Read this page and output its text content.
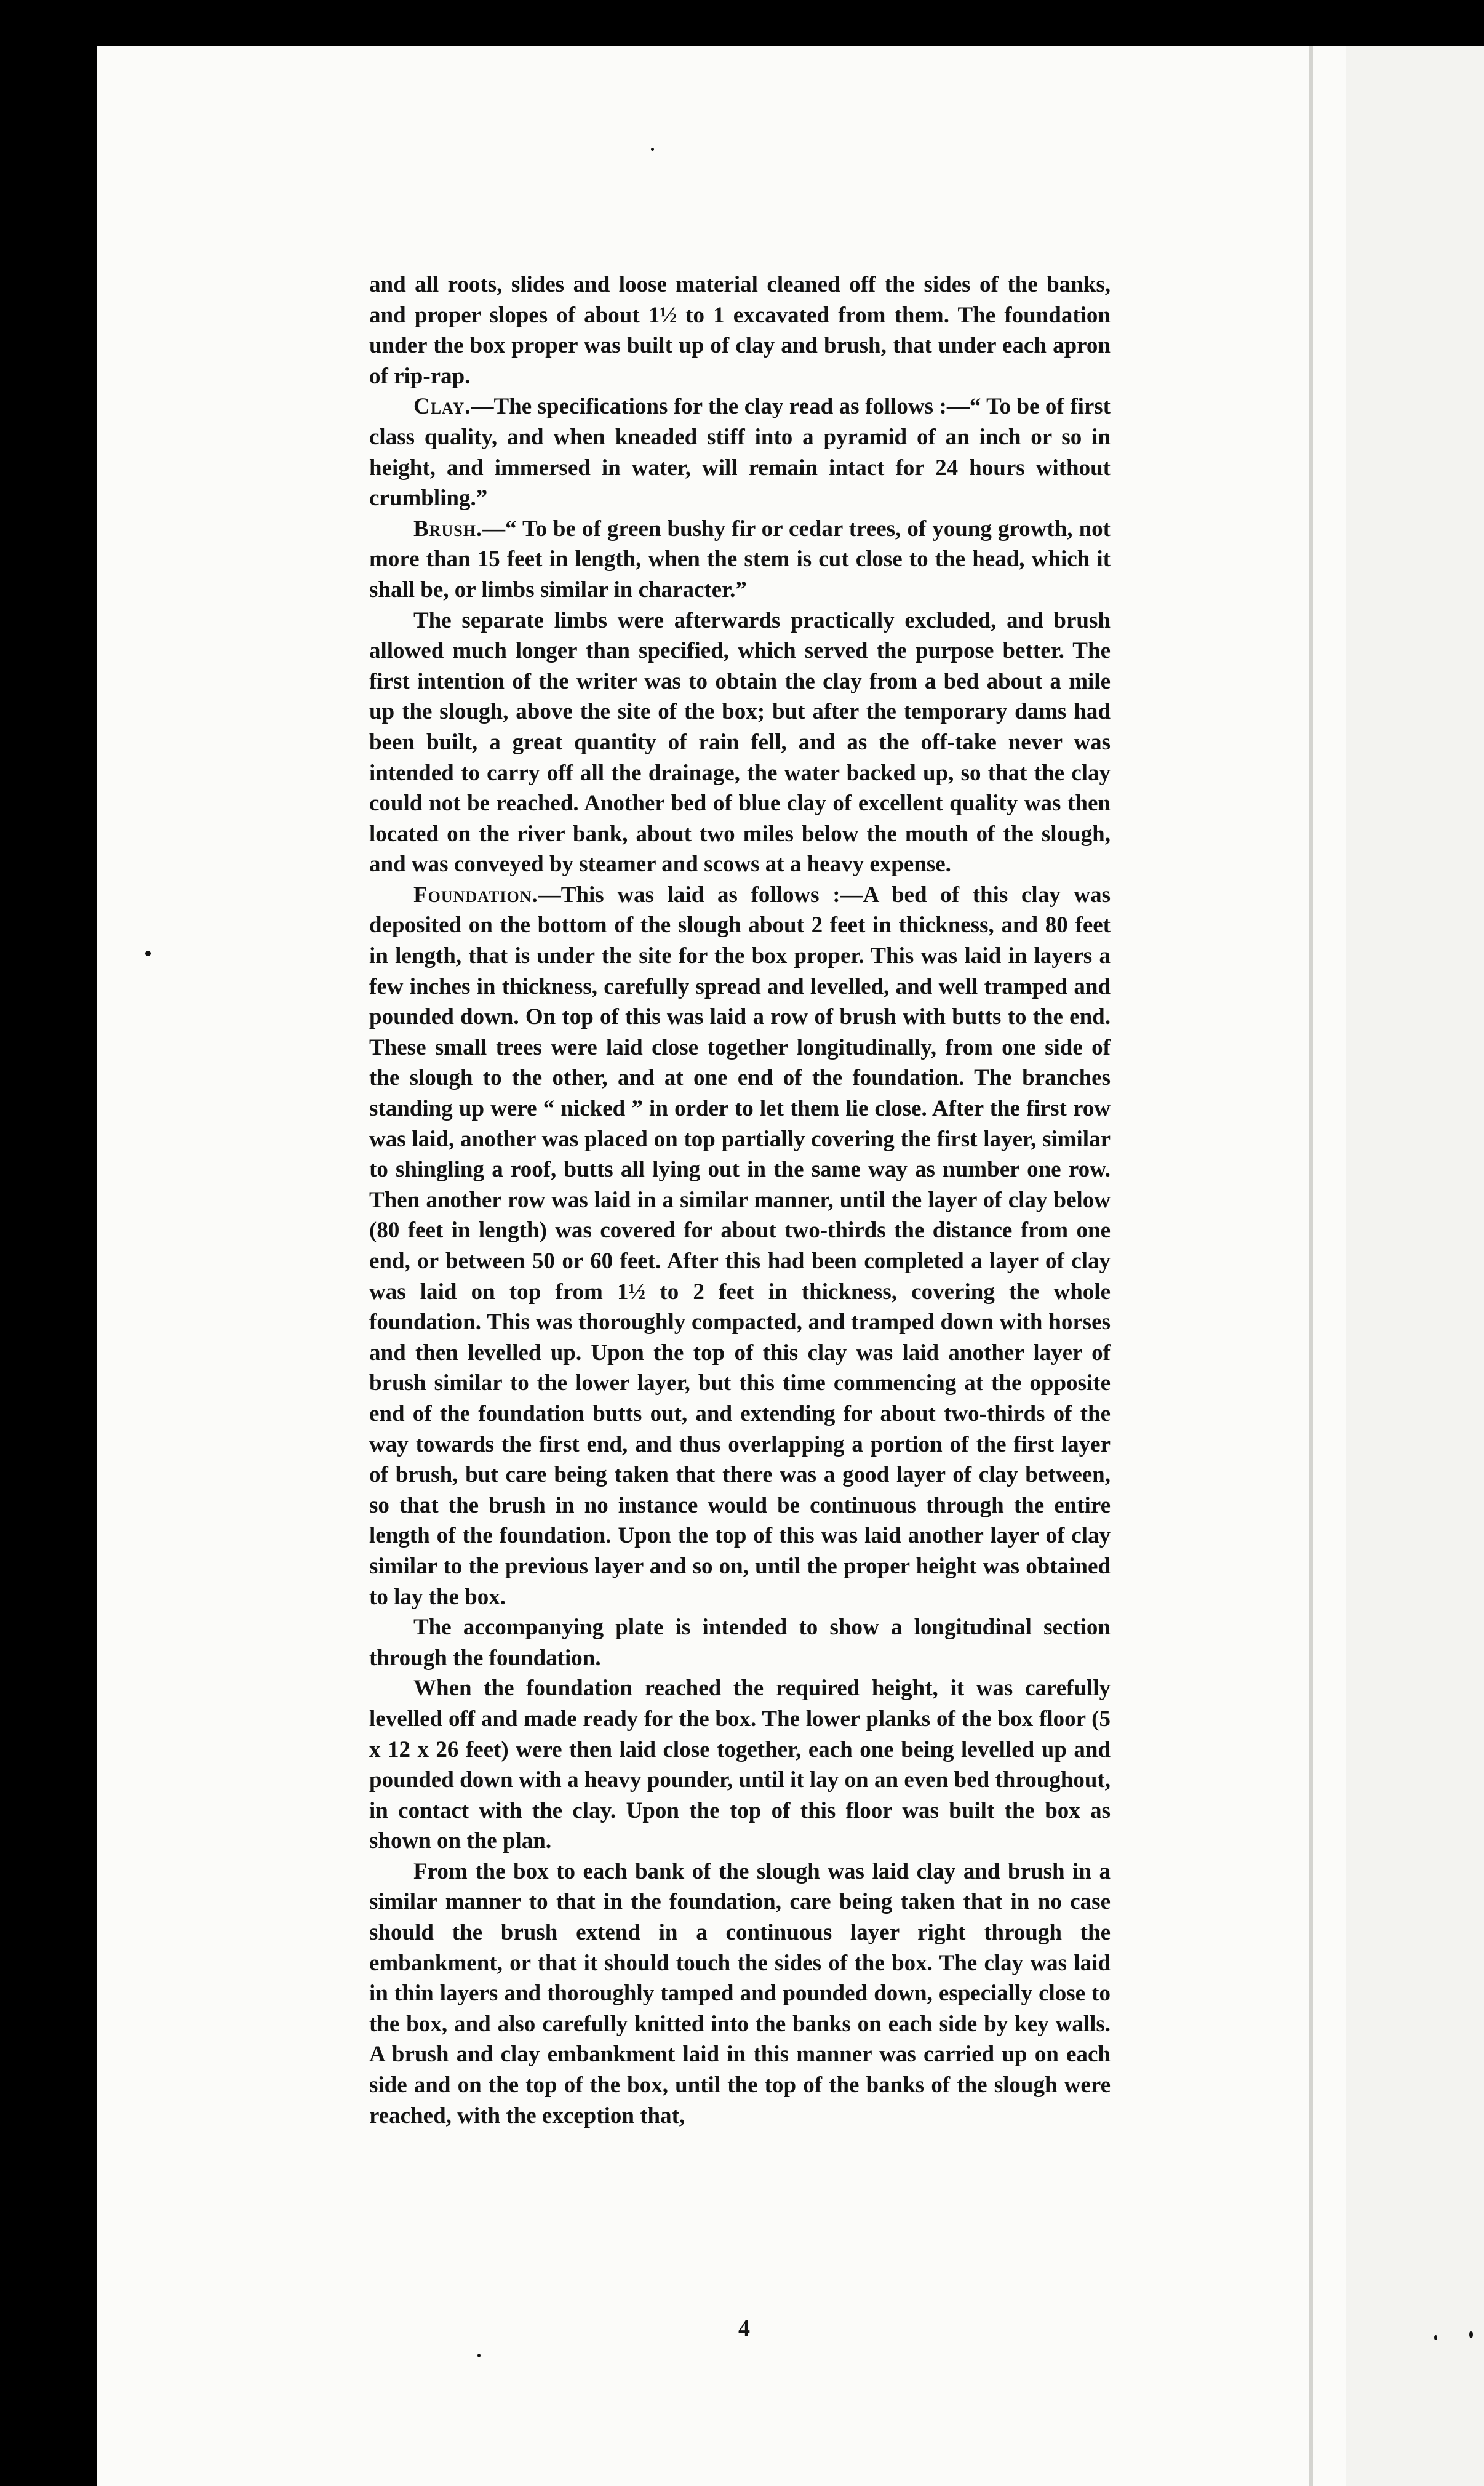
and all roots, slides and loose material cleaned off the sides of the banks, and proper slopes of about 1½ to 1 excavated from them. The foundation under the box proper was built up of clay and brush, that under each apron of rip-rap.

Clay.—The specifications for the clay read as follows :—“ To be of first class quality, and when kneaded stiff into a pyramid of an inch or so in height, and immersed in water, will remain intact for 24 hours without crumbling.”

Brush.—“ To be of green bushy fir or cedar trees, of young growth, not more than 15 feet in length, when the stem is cut close to the head, which it shall be, or limbs similar in character.”

The separate limbs were afterwards practically excluded, and brush allowed much longer than specified, which served the purpose better. The first intention of the writer was to obtain the clay from a bed about a mile up the slough, above the site of the box; but after the temporary dams had been built, a great quantity of rain fell, and as the off-take never was intended to carry off all the drainage, the water backed up, so that the clay could not be reached. Another bed of blue clay of excellent quality was then located on the river bank, about two miles below the mouth of the slough, and was conveyed by steamer and scows at a heavy expense.

Foundation.—This was laid as follows :—A bed of this clay was deposited on the bottom of the slough about 2 feet in thickness, and 80 feet in length, that is under the site for the box proper. This was laid in layers a few inches in thickness, carefully spread and levelled, and well tramped and pounded down. On top of this was laid a row of brush with butts to the end. These small trees were laid close together longitudinally, from one side of the slough to the other, and at one end of the foundation. The branches standing up were “ nicked ” in order to let them lie close. After the first row was laid, another was placed on top partially covering the first layer, similar to shingling a roof, butts all lying out in the same way as number one row. Then another row was laid in a similar manner, until the layer of clay below (80 feet in length) was covered for about two-thirds the distance from one end, or between 50 or 60 feet. After this had been completed a layer of clay was laid on top from 1½ to 2 feet in thickness, covering the whole foundation. This was thoroughly compacted, and tramped down with horses and then levelled up. Upon the top of this clay was laid another layer of brush similar to the lower layer, but this time commencing at the opposite end of the foundation butts out, and extending for about two-thirds of the way towards the first end, and thus overlapping a portion of the first layer of brush, but care being taken that there was a good layer of clay between, so that the brush in no instance would be continuous through the entire length of the foundation. Upon the top of this was laid another layer of clay similar to the previous layer and so on, until the proper height was obtained to lay the box.

The accompanying plate is intended to show a longitudinal section through the foundation.

When the foundation reached the required height, it was carefully levelled off and made ready for the box. The lower planks of the box floor (5 x 12 x 26 feet) were then laid close together, each one being levelled up and pounded down with a heavy pounder, until it lay on an even bed throughout, in contact with the clay. Upon the top of this floor was built the box as shown on the plan.

From the box to each bank of the slough was laid clay and brush in a similar manner to that in the foundation, care being taken that in no case should the brush extend in a continuous layer right through the embankment, or that it should touch the sides of the box. The clay was laid in thin layers and thoroughly tamped and pounded down, especially close to the box, and also carefully knitted into the banks on each side by key walls. A brush and clay embankment laid in this manner was carried up on each side and on the top of the box, until the top of the banks of the slough were reached, with the exception that,

4
